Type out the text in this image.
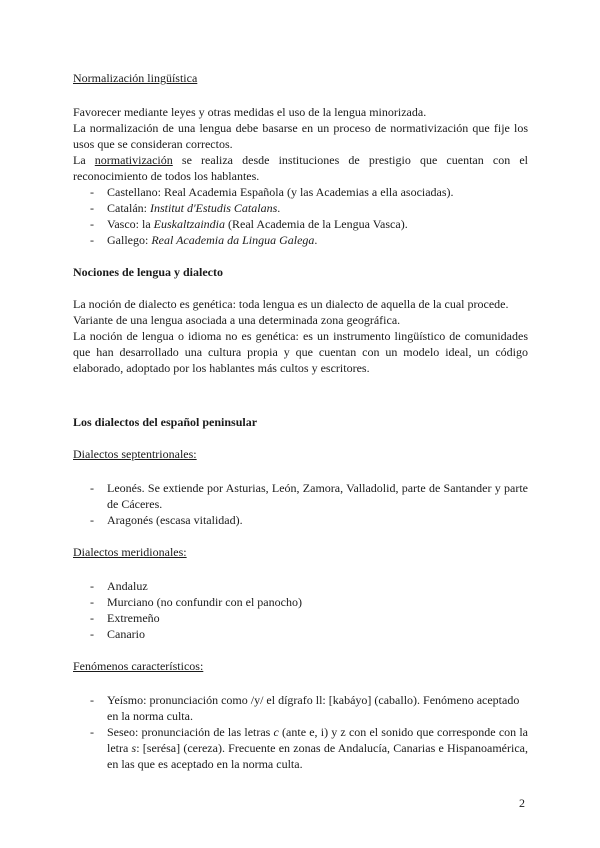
Normalización lingüística

Favorecer mediante leyes y otras medidas el uso de la lengua minorizada.

La normalización de una lengua debe basarse en un proceso de normativización que fije los usos que se consideran correctos.

La normativización se realiza desde instituciones de prestigio que cuentan con el reconocimiento de todos los hablantes.

- Castellano: Real Academia Española (y las Academias a ella asociadas).
- Catalán: Institut d'Estudis Catalans.
- Vasco: la Euskaltzaindia (Real Academia de la Lengua Vasca).
- Gallego: Real Academia da Lingua Galega.

Nociones de lengua y dialecto

La noción de dialecto es genética: toda lengua es un dialecto de aquella de la cual procede.

Variante de una lengua asociada a una determinada zona geográfica.

La noción de lengua o idioma no es genética: es un instrumento lingüístico de comunidades que han desarrollado una cultura propia y que cuentan con un modelo ideal, un código elaborado, adoptado por los hablantes más cultos y escritores.

Los dialectos del español peninsular

Dialectos septentrionales:

- Leonés. Se extiende por Asturias, León, Zamora, Valladolid, parte de Santander y parte de Cáceres.
- Aragonés (escasa vitalidad).

Dialectos meridionales:

- Andaluz
- Murciano (no confundir con el panocho)
- Extremeño
- Canario

Fenómenos característicos:

- Yeísmo: pronunciación como /y/ el dígrafo ll: [kabáyo] (caballo). Fenómeno aceptado en la norma culta.
- Seseo: pronunciación de las letras c (ante e, i) y z con el sonido que corresponde con la letra s: [serésa] (cereza). Frecuente en zonas de Andalucía, Canarias e Hispanoamérica, en las que es aceptado en la norma culta.
2
